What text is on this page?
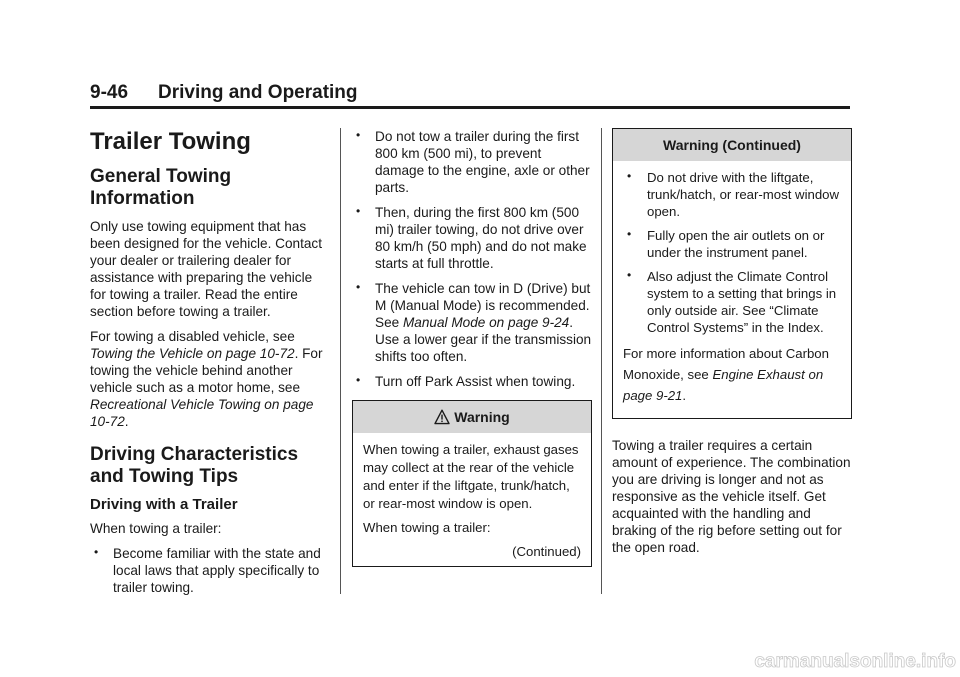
9-46 Driving and Operating
Trailer Towing
General Towing Information

Only use towing equipment that has been designed for the vehicle. Contact your dealer or trailering dealer for assistance with preparing the vehicle for towing a trailer. Read the entire section before towing a trailer.

For towing a disabled vehicle, see Towing the Vehicle on page 10-72. For towing the vehicle behind another vehicle such as a motor home, see Recreational Vehicle Towing on page 10-72.

Driving Characteristics and Towing Tips
Driving with a Trailer

When towing a trailer:

• Become familiar with the state and local laws that apply specifically to trailer towing.
• Do not tow a trailer during the first 800 km (500 mi), to prevent damage to the engine, axle or other parts.
• Then, during the first 800 km (500 mi) trailer towing, do not drive over 80 km/h (50 mph) and do not make starts at full throttle.
• The vehicle can tow in D (Drive) but M (Manual Mode) is recommended. See Manual Mode on page 9-24. Use a lower gear if the transmission shifts too often.
• Turn off Park Assist when towing.
Warning

When towing a trailer, exhaust gases may collect at the rear of the vehicle and enter if the liftgate, trunk/hatch, or rear-most window is open.

When towing a trailer:

(Continued)
Warning (Continued)
• Do not drive with the liftgate, trunk/hatch, or rear-most window open.
• Fully open the air outlets on or under the instrument panel.
• Also adjust the Climate Control system to a setting that brings in only outside air. See “Climate Control Systems” in the Index.

For more information about Carbon Monoxide, see Engine Exhaust on page 9-21.

Towing a trailer requires a certain amount of experience. The combination you are driving is longer and not as responsive as the vehicle itself. Get acquainted with the handling and braking of the rig before setting out for the open road.

carmanualsonline.info
